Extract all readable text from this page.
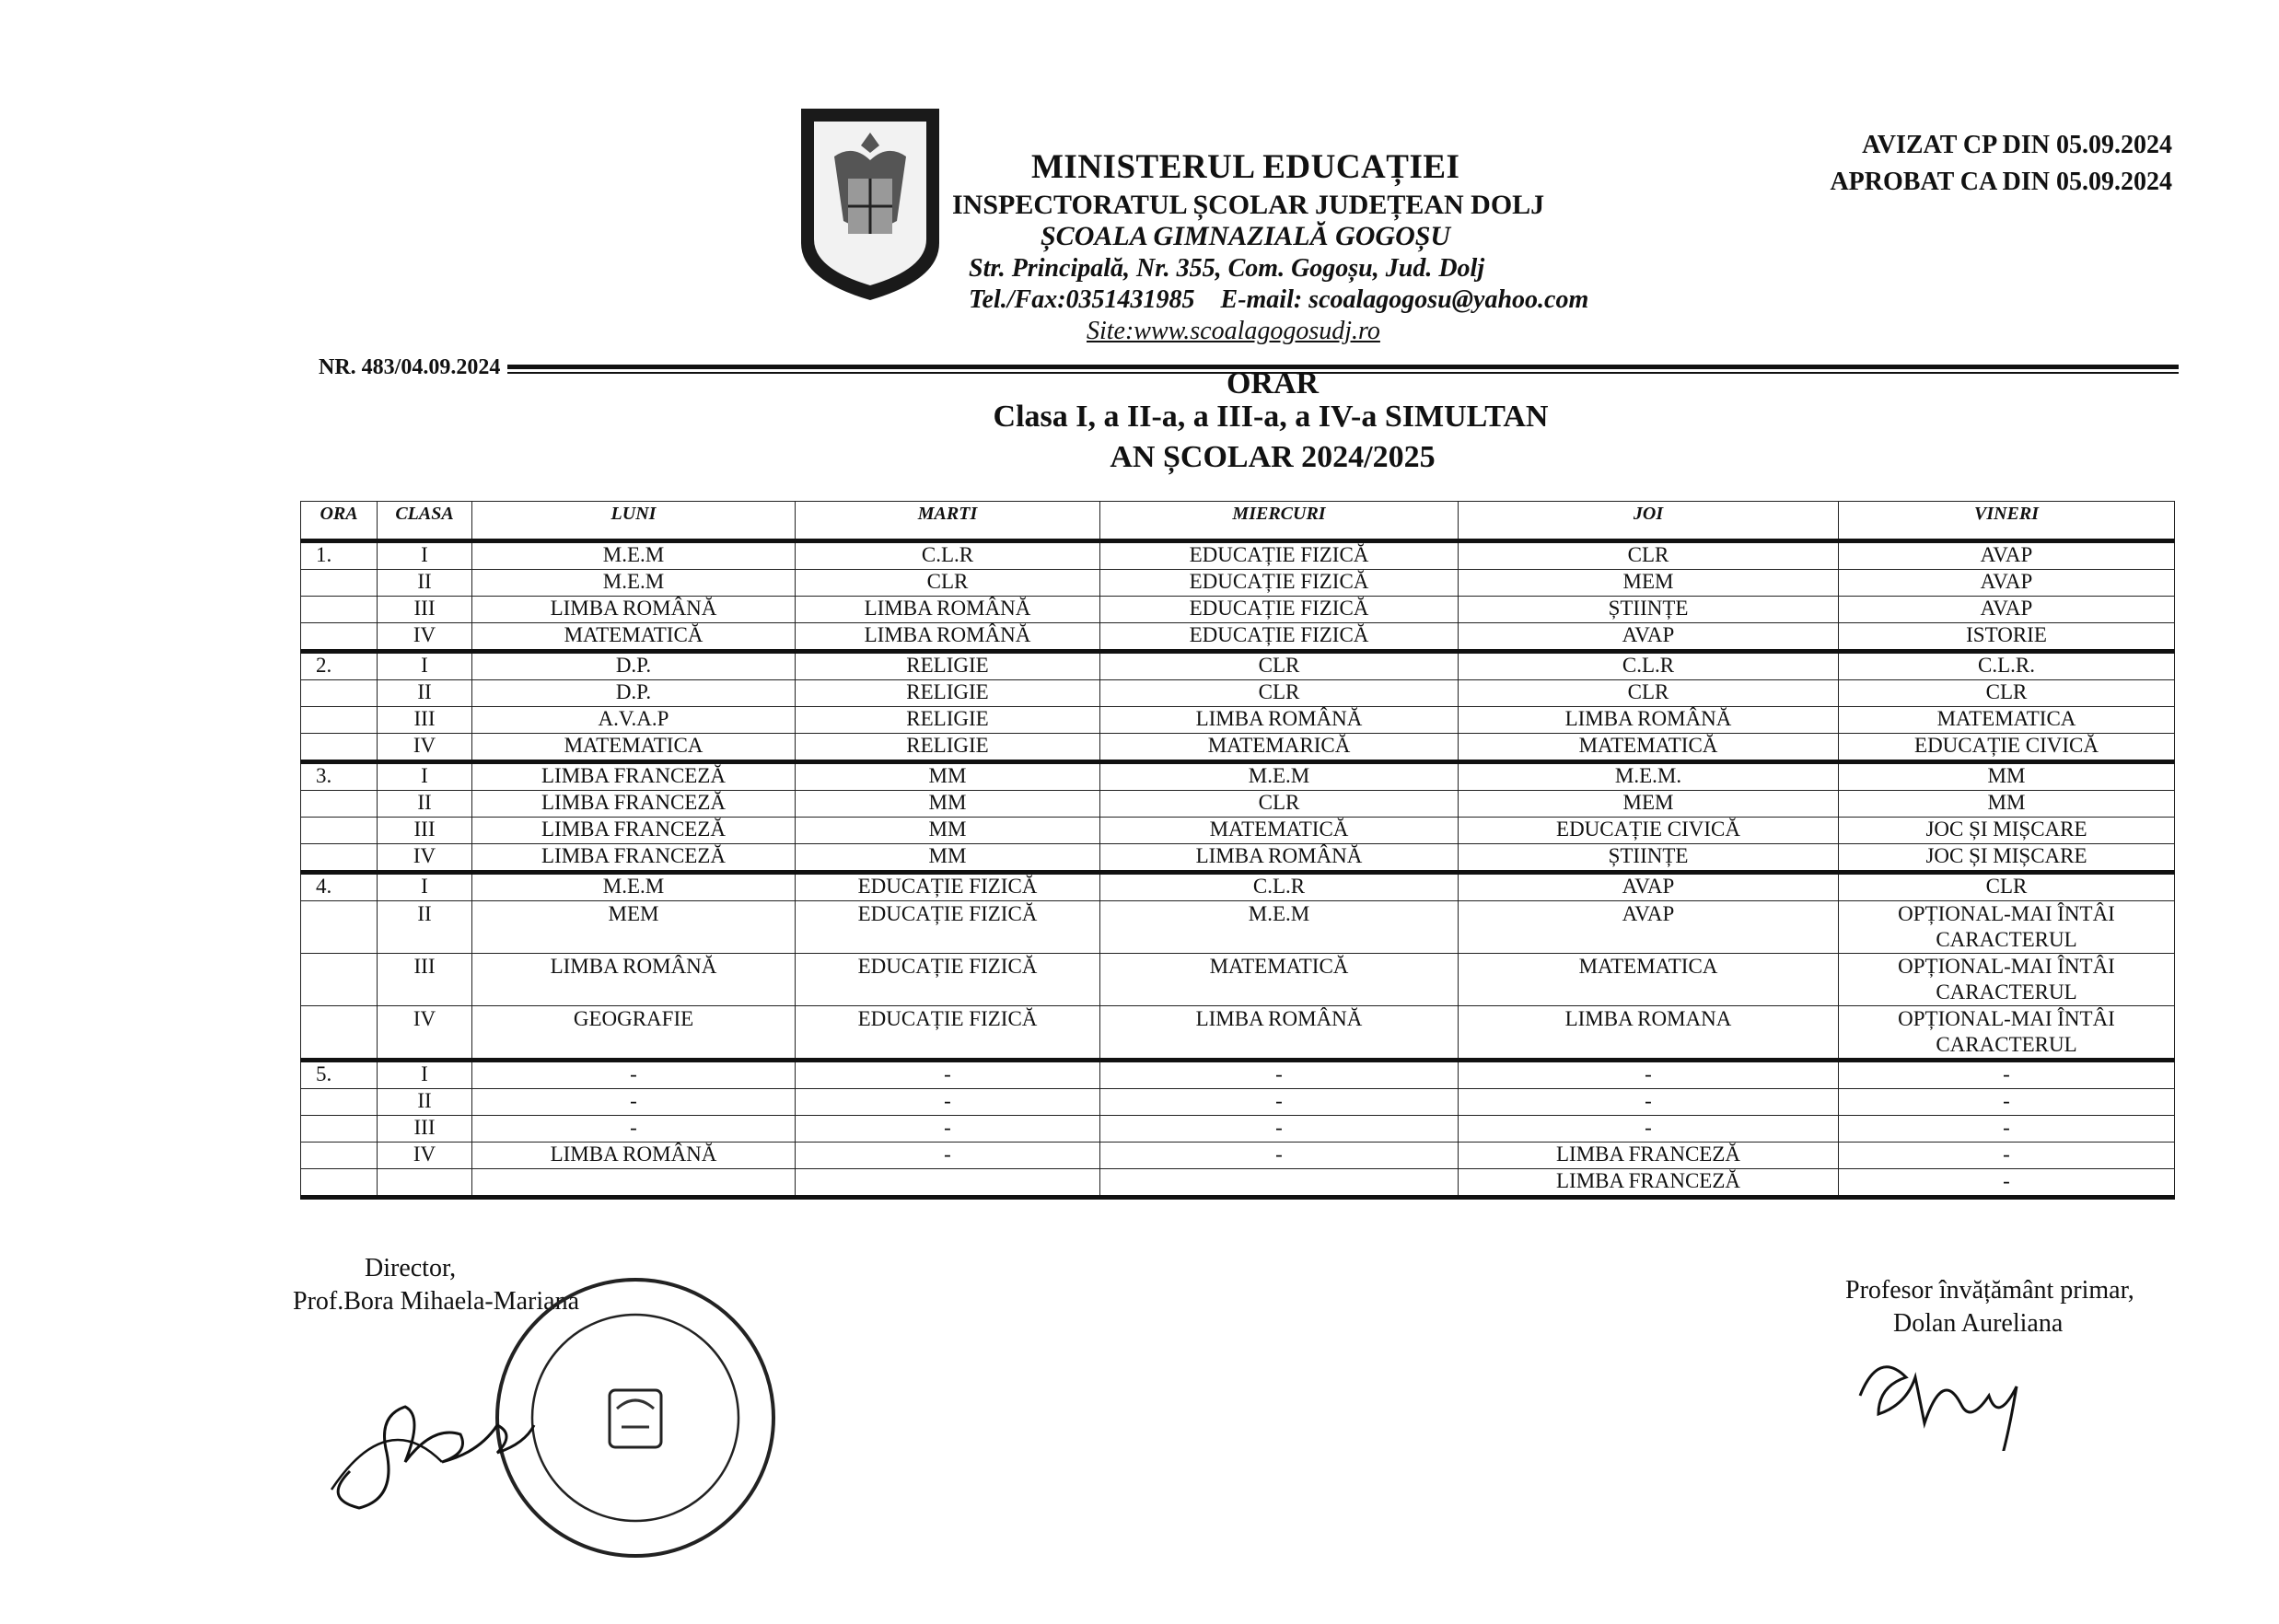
MINISTERUL EDUCAȚIEI
INSPECTORATUL ȘCOLAR JUDEȚEAN DOLJ
ȘCOALA GIMNAZIALĂ GOGOȘU
Str. Principală, Nr. 355, Com. Gogoșu, Jud. Dolj
Tel./Fax:0351431985    E-mail: scoalagogosu@yahoo.com
Site:www.scoalagogosudj.ro
AVIZAT CP DIN 05.09.2024
APROBAT CA DIN 05.09.2024
NR. 483/04.09.2024	ORAR
Clasa I, a II-a, a III-a, a IV-a SIMULTAN
AN ȘCOLAR 2024/2025
ORA	CLASA	LUNI	MARTI	MIERCURI	JOI	VINERI
1.	I	M.E.M	C.L.R	EDUCAȚIE FIZICĂ	CLR	AVAP
	II	M.E.M	CLR	EDUCAȚIE FIZICĂ	MEM	AVAP
	III	LIMBA ROMÂNĂ	LIMBA ROMÂNĂ	EDUCAȚIE FIZICĂ	ȘTIINȚE	AVAP
	IV	MATEMATICĂ	LIMBA ROMÂNĂ	EDUCAȚIE FIZICĂ	AVAP	ISTORIE
2.	I	D.P.	RELIGIE	CLR	C.L.R	C.L.R.
	II	D.P.	RELIGIE	CLR	CLR	CLR
	III	A.V.A.P	RELIGIE	LIMBA ROMÂNĂ	LIMBA ROMÂNĂ	MATEMATICA
	IV	MATEMATICA	RELIGIE	MATEMARICĂ	MATEMATICĂ	EDUCAȚIE CIVICĂ
3.	I	LIMBA FRANCEZĂ	MM	M.E.M	M.E.M.	MM
	II	LIMBA FRANCEZĂ	MM	CLR	MEM	MM
	III	LIMBA FRANCEZĂ	MM	MATEMATICĂ	EDUCAȚIE CIVICĂ	JOC ȘI MIȘCARE
	IV	LIMBA FRANCEZĂ	MM	LIMBA ROMÂNĂ	ȘTIINȚE	JOC ȘI MIȘCARE
4.	I	M.E.M	EDUCAȚIE FIZICĂ	C.L.R	AVAP	CLR
	II	MEM	EDUCAȚIE FIZICĂ	M.E.M	AVAP	OPȚIONAL-MAI ÎNTÂI CARACTERUL
	III	LIMBA ROMÂNĂ	EDUCAȚIE FIZICĂ	MATEMATICĂ	MATEMATICA	OPȚIONAL-MAI ÎNTÂI CARACTERUL
	IV	GEOGRAFIE	EDUCAȚIE FIZICĂ	LIMBA ROMÂNĂ	LIMBA ROMANA	OPȚIONAL-MAI ÎNTÂI CARACTERUL
5.	I	-	-	-	-	-
	II	-	-	-	-	-
	III	-	-	-	-	-
	IV	LIMBA ROMÂNĂ	-	-	LIMBA FRANCEZĂ	-
					LIMBA FRANCEZĂ	-
Director,
Prof.Bora Mihaela-Mariana	Profesor învățământ primar,
Dolan Aureliana
